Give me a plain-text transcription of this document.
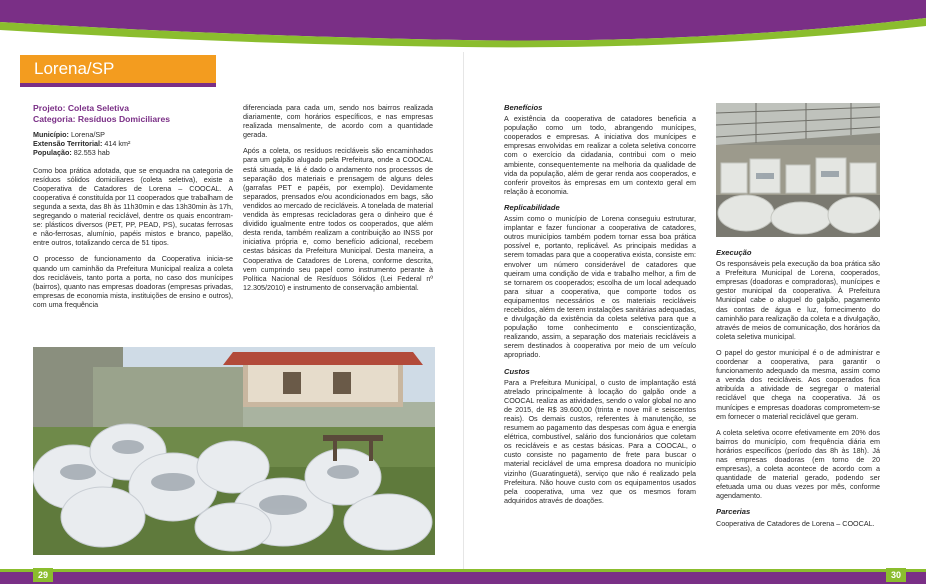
Lorena/SP
Projeto: Coleta Seletiva
Categoria: Resíduos Domiciliares
Município: Lorena/SP
Extensão Territorial: 414 km²
População: 82.553 hab

Como boa prática adotada, que se enquadra na categoria de resíduos sólidos domiciliares (coleta seletiva), existe a Cooperativa de Catadores de Lorena – COOCAL. A cooperativa é constituída por 11 cooperados que trabalham de segunda a sexta, das 8h às 11h30min e das 13h30min às 17h, segregando o material reciclável, dentre os quais encontram-se: plásticos diversos (PET, PP, PEAD, PS), sucatas ferrosas e não-ferrosas, alumínio, papéis mistos e branco, papelão, entre outros, totalizando cerca de 51 tipos.

O processo de funcionamento da Cooperativa inicia-se quando um caminhão da Prefeitura Municipal realiza a coleta dos recicláveis, tanto porta a porta, no caso dos munícipes (bairros), quanto nas empresas doadoras (empresas privadas, empresas de economia mista, instituições de ensino e outros), com uma frequência

diferenciada para cada um, sendo nos bairros realizada diariamente, com horários específicos, e nas empresas realizada mensalmente, de acordo com a quantidade gerada.

Após a coleta, os resíduos recicláveis são encaminhados para um galpão alugado pela Prefeitura, onde a COOCAL está situada, e lá é dado o andamento nos processos de separação dos materiais e prensagem de alguns deles (garrafas PET e papéis, por exemplo). Devidamente separados, prensados e/ou acondicionados em bags, são vendidos ao mercado de recicláveis. A tonelada de material vendida às empresas recicladoras gera o dinheiro que é dividido igualmente entre todos os cooperados, que além desta renda, também realizam a contribuição ao INSS por iniciativa própria e, como benefício adicional, recebem cestas básicas da Prefeitura Municipal. Desta maneira, a Cooperativa de Catadores de Lorena, conforme descrita, vem cumprindo seu papel como instrumento perante à Política Nacional de Resíduos Sólidos (Lei Federal nº 12.305/2010) e instrumento de conservação ambiental.

Benefícios

A existência da cooperativa de catadores beneficia a população como um todo, abrangendo munícipes, cooperados e empresas. A iniciativa dos munícipes e empresas envolvidas em realizar a coleta seletiva concorre com o exercício da cidadania, contribui com o meio ambiente, consequentemente na melhoria da qualidade de vida da população, além de gerar renda aos cooperados, e conferir proveitos às empresas em um contexto geral em relação à economia.

Replicabilidade

Assim como o município de Lorena conseguiu estruturar, implantar e fazer funcionar a cooperativa de catadores, outros municípios também podem tornar essa boa prática possível e, portanto, replicável. As principais medidas a serem tomadas para que a cooperativa exista, consiste em: envolver um número considerável de catadores que queiram uma condição de vida e trabalho melhor, a fim de se tornarem os cooperados; escolha de um local adequado para situar a cooperativa, que comporte todos os equipamentos necessários e os materiais recicláveis recebidos, além de terem instalações sanitárias adequadas, e divulgação da existência da coleta seletiva para que a população tome conhecimento e conscientização, realizando, assim, a separação dos materiais recicláveis a serem destinados à cooperativa por meio de um veículo apropriado.

Custos

Para a Prefeitura Municipal, o custo de implantação está atrelado principalmente à locação do galpão onde a COOCAL realiza as atividades, sendo o valor global no ano de 2015, de R$ 39.600,00 (trinta e nove mil e seiscentos reais). Os demais custos, referentes à manutenção, se resumem ao pagamento das despesas com água e energia elétrica, combustível, salário dos funcionários que coletam os recicláveis e as cestas básicas. Para a COOCAL, o custo consiste no pagamento de frete para buscar o material reciclável de uma empresa doadora no município vizinho (Guaratinguetá), serviço que não é realizado pela Prefeitura. Não houve custo com os equipamentos usados pela cooperativa, uma vez que os mesmos foram adquiridos através de doações.

Execução

Os responsáveis pela execução da boa prática são a Prefeitura Municipal de Lorena, cooperados, empresas (doadoras e compradoras), munícipes e gestor municipal da cooperativa. À Prefeitura Municipal cabe o aluguel do galpão, pagamento das contas de água e luz, fornecimento do caminhão para realização da coleta e a divulgação, através de meios de comunicação, dos horários da coleta seletiva municipal.

O papel do gestor municipal é o de administrar e coordenar a cooperativa, para garantir o funcionamento adequado da mesma, assim como a venda dos recicláveis. Aos cooperados fica atribuída a atividade de segregar o material reciclável que chega na cooperativa. Já os munícipes e empresas doadoras comprometem-se em fornecer o material reciclável que geram.

A coleta seletiva ocorre efetivamente em 20% dos bairros do município, com frequência diária em horários específicos (período das 8h às 18h). Já nas empresas doadoras (em torno de 20 empresas), a coleta acontece de acordo com a quantidade de material gerado, podendo ser efetuada uma ou duas vezes por mês, conforme agendamento.

Parcerias

Cooperativa de Catadores de Lorena – COOCAL.

29	30
